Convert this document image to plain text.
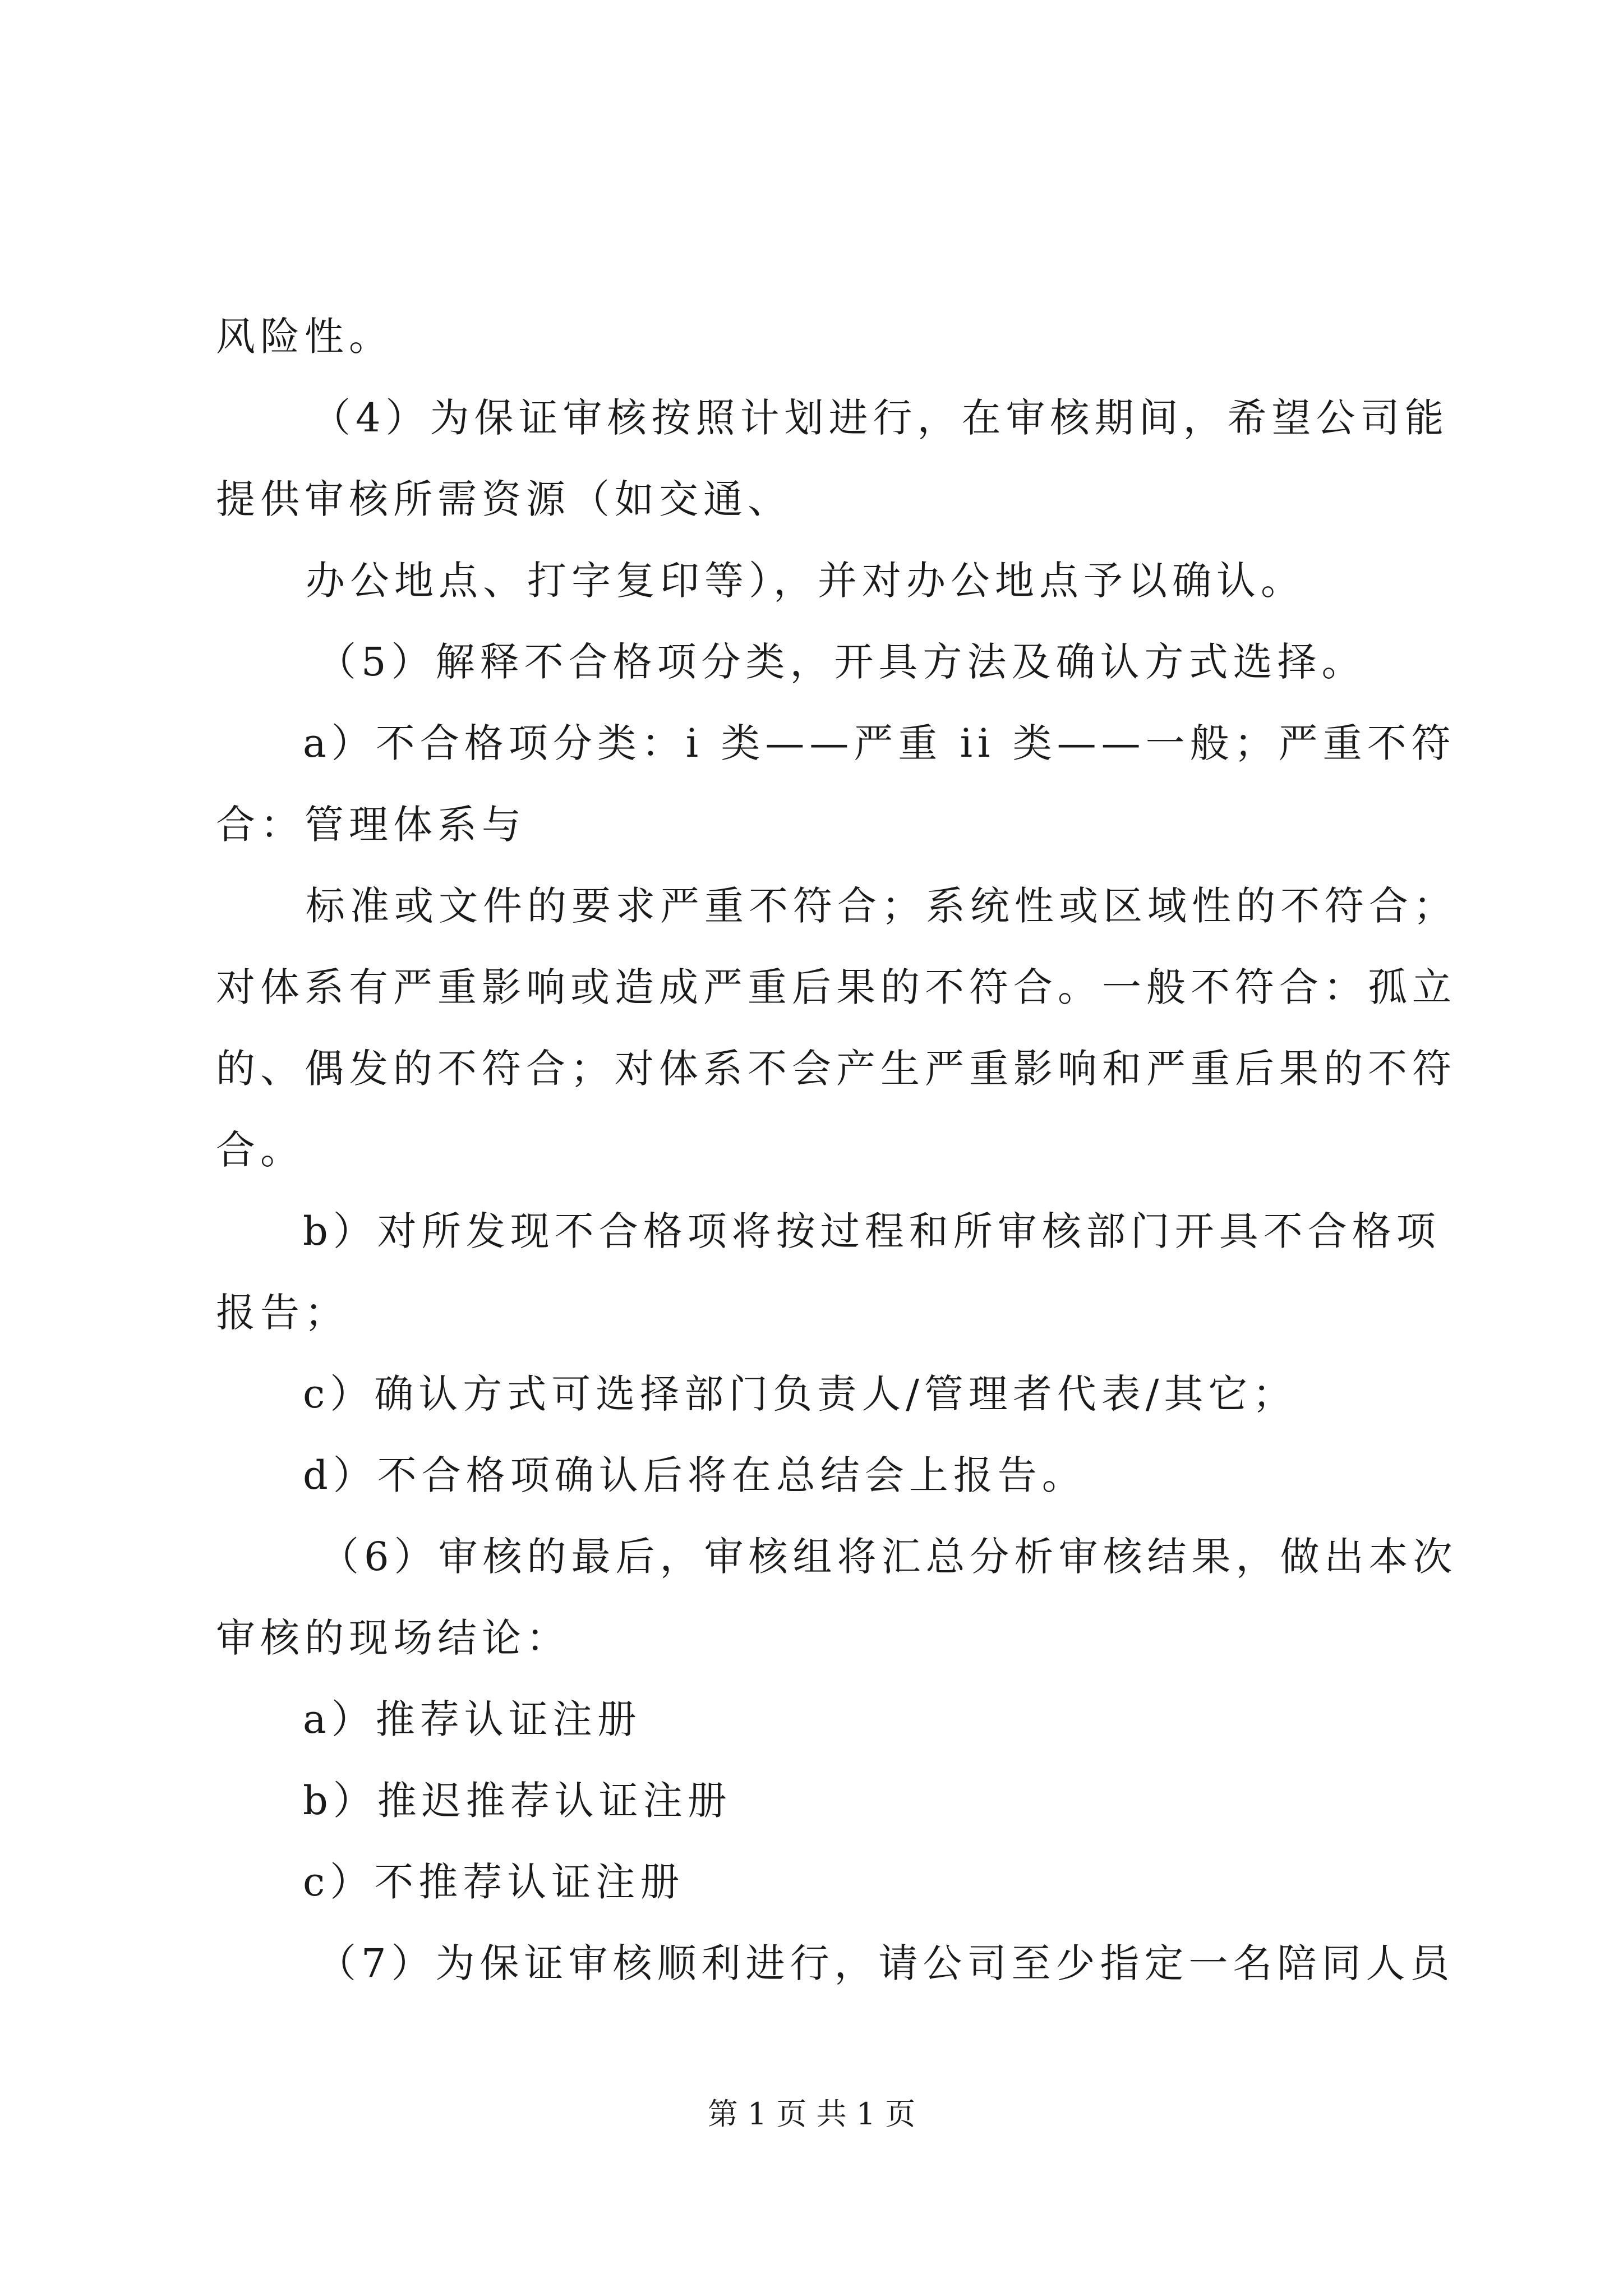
风险性。
（4）为保证审核按照计划进行，在审核期间，希望公司能
提供审核所需资源（如交通、
办公地点、打字复印等），并对办公地点予以确认。
（5）解释不合格项分类，开具方法及确认方式选择。
a）不合格项分类：i 类——严重 ii 类——一般；严重不符
合：管理体系与
标准或文件的要求严重不符合；系统性或区域性的不符合；
对体系有严重影响或造成严重后果的不符合。一般不符合：孤立
的、偶发的不符合；对体系不会产生严重影响和严重后果的不符
合。
b）对所发现不合格项将按过程和所审核部门开具不合格项
报告；
c）确认方式可选择部门负责人/管理者代表/其它；
d）不合格项确认后将在总结会上报告。
（6）审核的最后，审核组将汇总分析审核结果，做出本次
审核的现场结论：
a）推荐认证注册
b）推迟推荐认证注册
c）不推荐认证注册
（7）为保证审核顺利进行，请公司至少指定一名陪同人员
第 1 页 共 1 页
